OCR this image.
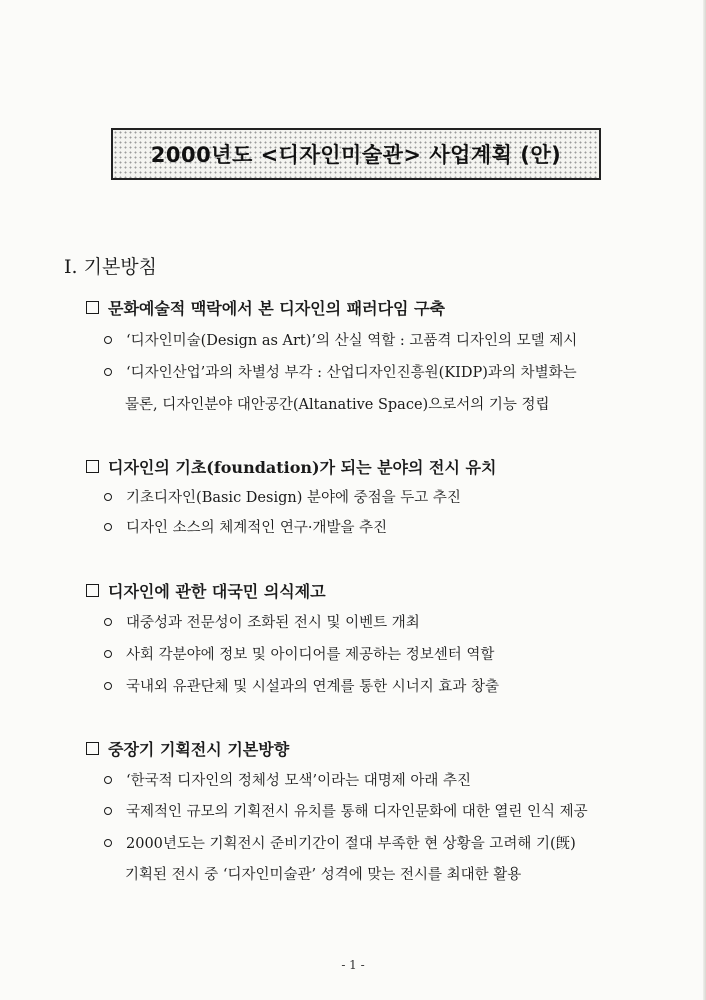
2000년도 <디자인미술관> 사업계획 (안)
Ⅰ. 기본방침
문화예술적 맥락에서 본 디자인의 패러다임 구축
‘디자인미술(Design as Art)’의 산실 역할 : 고품격 디자인의 모델 제시
‘디자인산업’과의 차별성 부각 : 산업디자인진흥원(KIDP)과의 차별화는
물론, 디자인분야 대안공간(Altanative Space)으로서의 기능 정립
디자인의 기초(foundation)가 되는 분야의 전시 유치
기초디자인(Basic Design) 분야에 중점을 두고 추진
디자인 소스의 체계적인 연구·개발을 추진
디자인에 관한 대국민 의식제고
대중성과 전문성이 조화된 전시 및 이벤트 개최
사회 각분야에 정보 및 아이디어를 제공하는 정보센터 역할
국내외 유관단체 및 시설과의 연계를 통한 시너지 효과 창출
중장기 기획전시 기본방향
‘한국적 디자인의 정체성 모색’이라는 대명제 아래 추진
국제적인 규모의 기획전시 유치를 통해 디자인문화에 대한 열린 인식 제공
2000년도는 기획전시 준비기간이 절대 부족한 현 상황을 고려해 기(旣)
기획된 전시 중 ‘디자인미술관’ 성격에 맞는 전시를 최대한 활용
- 1 -
